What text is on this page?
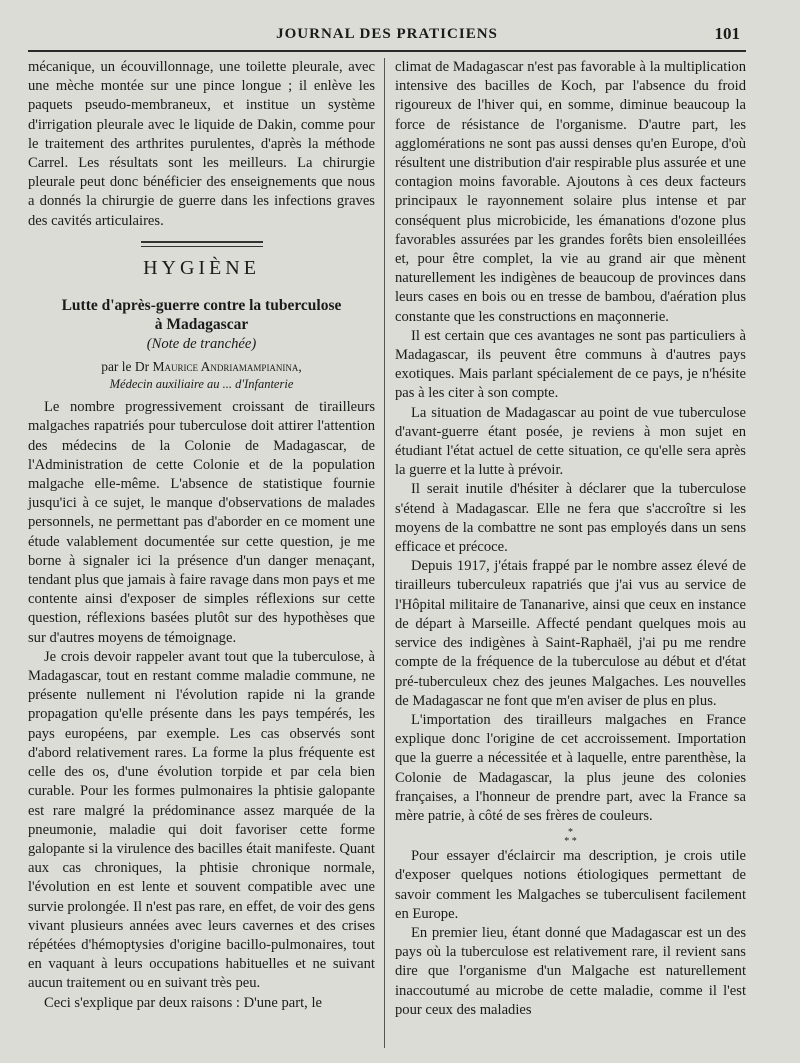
JOURNAL DES PRATICIENS	101

mécanique, un écouvillonnage, une toilette pleurale, avec une mèche montée sur une pince longue ; il enlève les paquets pseudo-membraneux, et institue un système d'irrigation pleurale avec le liquide de Dakin, comme pour le traitement des arthrites purulentes, d'après la méthode Carrel. Les résultats sont les meilleurs. La chirurgie pleurale peut donc bénéficier des enseignements que nous a donnés la chirurgie de guerre dans les infections graves des cavités articulaires.

HYGIÈNE
Lutte d'après-guerre contre la tuberculose
à Madagascar
(Note de tranchée)
par le Dr Maurice Andriamampianina,
Médecin auxiliaire au ... d'Infanterie

Le nombre progressivement croissant de tirailleurs malgaches rapatriés pour tuberculose doit attirer l'attention des médecins de la Colonie de Madagascar, de l'Administration de cette Colonie et de la population malgache elle-même. L'absence de statistique fournie jusqu'ici à ce sujet, le manque d'observations de malades personnels, ne permettant pas d'aborder en ce moment une étude valablement documentée sur cette question, je me borne à signaler ici la présence d'un danger menaçant, tendant plus que jamais à faire ravage dans mon pays et me contente ainsi d'exposer de simples réflexions sur cette question, réflexions basées plutôt sur des hypothèses que sur d'autres moyens de témoignage.

Je crois devoir rappeler avant tout que la tuberculose, à Madagascar, tout en restant comme maladie commune, ne présente nullement ni l'évolution rapide ni la grande propagation qu'elle présente dans les pays tempérés, les pays européens, par exemple. Les cas observés sont d'abord relativement rares. La forme la plus fréquente est celle des os, d'une évolution torpide et par cela bien curable. Pour les formes pulmonaires la phtisie galopante est rare malgré la prédominance assez marquée de la pneumonie, maladie qui doit favoriser cette forme galopante si la virulence des bacilles était manifeste. Quant aux cas chroniques, la phtisie chronique normale, l'évolution en est lente et souvent compatible avec une survie prolongée. Il n'est pas rare, en effet, de voir des gens vivant plusieurs années avec leurs cavernes et des crises répétées d'hémoptysies d'origine bacillo-pulmonaires, tout en vaquant à leurs occupations habituelles et ne suivant aucun traitement ou en suivant très peu.

Ceci s'explique par deux raisons : D'une part, le

climat de Madagascar n'est pas favorable à la multiplication intensive des bacilles de Koch, par l'absence du froid rigoureux de l'hiver qui, en somme, diminue beaucoup la force de résistance de l'organisme. D'autre part, les agglomérations ne sont pas aussi denses qu'en Europe, d'où résultent une distribution d'air respirable plus assurée et une contagion moins favorable. Ajoutons à ces deux facteurs principaux le rayonnement solaire plus intense et par conséquent plus microbicide, les émanations d'ozone plus favorables assurées par les grandes forêts bien ensoleillées et, pour être complet, la vie au grand air que mènent naturellement les indigènes de beaucoup de provinces dans leurs cases en bois ou en tresse de bambou, d'aération plus constante que les constructions en maçonnerie.

Il est certain que ces avantages ne sont pas particuliers à Madagascar, ils peuvent être communs à d'autres pays exotiques. Mais parlant spécialement de ce pays, je n'hésite pas à les citer à son compte.

La situation de Madagascar au point de vue tuberculose d'avant-guerre étant posée, je reviens à mon sujet en étudiant l'état actuel de cette situation, ce qu'elle sera après la guerre et la lutte à prévoir.

Il serait inutile d'hésiter à déclarer que la tuberculose s'étend à Madagascar. Elle ne fera que s'accroître si les moyens de la combattre ne sont pas employés dans un sens efficace et précoce.

Depuis 1917, j'étais frappé par le nombre assez élevé de tirailleurs tuberculeux rapatriés que j'ai vus au service de l'Hôpital militaire de Tananarive, ainsi que ceux en instance de départ à Marseille. Affecté pendant quelques mois au service des indigènes à Saint-Raphaël, j'ai pu me rendre compte de la fréquence de la tuberculose au début et d'état pré-tuberculeux chez des jeunes Malgaches. Les nouvelles de Madagascar ne font que m'en aviser de plus en plus.

L'importation des tirailleurs malgaches en France explique donc l'origine de cet accroissement. Importation que la guerre a nécessitée et à laquelle, entre parenthèse, la Colonie de Madagascar, la plus jeune des colonies françaises, a l'honneur de prendre part, avec la France sa mère patrie, à côté de ses frères de couleurs.

*
* *

Pour essayer d'éclaircir ma description, je crois utile d'exposer quelques notions étiologiques permettant de savoir comment les Malgaches se tuberculisent facilement en Europe.

En premier lieu, étant donné que Madagascar est un des pays où la tuberculose est relativement rare, il revient sans dire que l'organisme d'un Malgache est naturellement inaccoutumé au microbe de cette maladie, comme il l'est pour ceux des maladies
